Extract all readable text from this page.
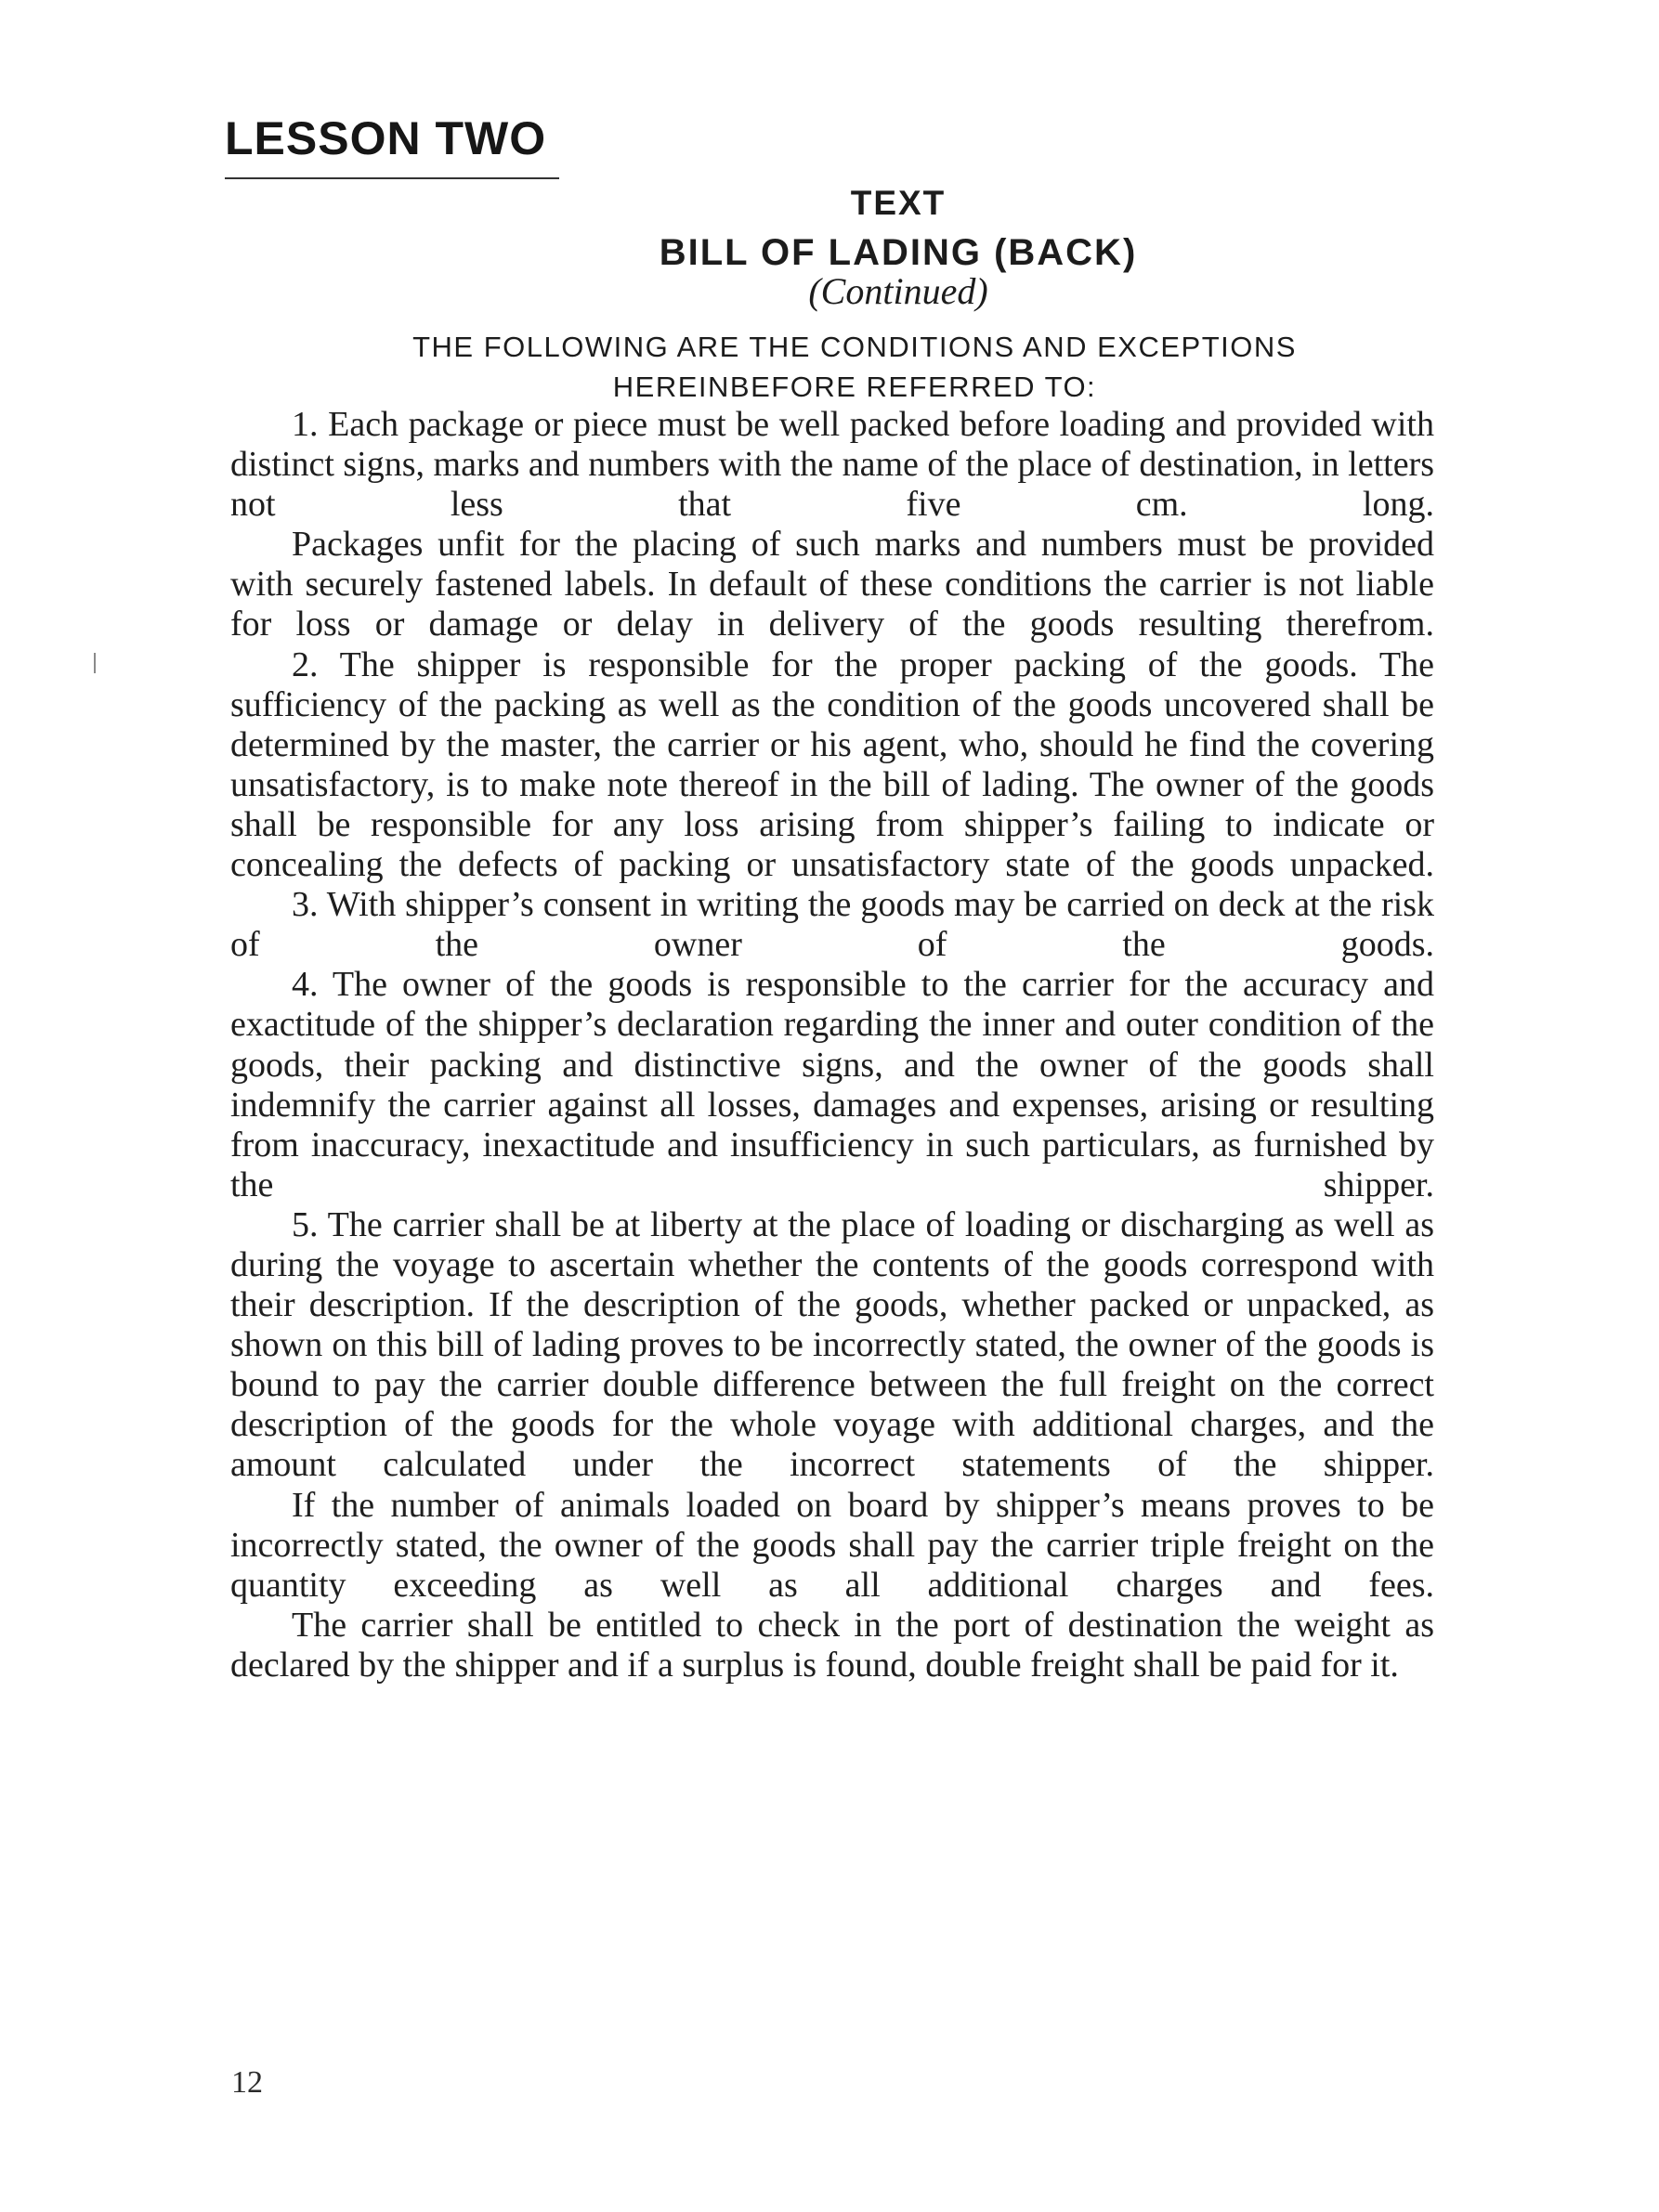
LESSON TWO
TEXT
BILL OF LADING (BACK)
(Continued)
THE FOLLOWING ARE THE CONDITIONS AND EXCEPTIONS
HEREINBEFORE REFERRED TO:

1. Each package or piece must be well packed before loading and provided with distinct signs, marks and numbers with the name of the place of destination, in letters not less that five cm. long.

Packages unfit for the placing of such marks and numbers must be provided with securely fastened labels. In default of these conditions the carrier is not liable for loss or damage or delay in delivery of the goods resulting therefrom.

2. The shipper is responsible for the proper packing of the goods. The sufficiency of the packing as well as the condition of the goods uncovered shall be determined by the master, the carrier or his agent, who, should he find the covering unsatisfactory, is to make note thereof in the bill of lading. The owner of the goods shall be responsible for any loss arising from shipper’s failing to indicate or concealing the defects of packing or unsatisfactory state of the goods unpacked.

3. With shipper’s consent in writing the goods may be carried on deck at the risk of the owner of the goods.

4. The owner of the goods is responsible to the carrier for the accuracy and exactitude of the shipper’s declaration regarding the inner and outer condition of the goods, their packing and distinctive signs, and the owner of the goods shall indemnify the carrier against all losses, damages and expenses, arising or resulting from inaccuracy, inexactitude and insufficiency in such particulars, as furnished by the shipper.

5. The carrier shall be at liberty at the place of loading or discharging as well as during the voyage to ascertain whether the contents of the goods correspond with their description. If the description of the goods, whether packed or unpacked, as shown on this bill of lading proves to be incorrectly stated, the owner of the goods is bound to pay the carrier double difference between the full freight on the correct description of the goods for the whole voyage with additional charges, and the amount calculated under the incorrect statements of the shipper.

If the number of animals loaded on board by shipper’s means proves to be incorrectly stated, the owner of the goods shall pay the carrier triple freight on the quantity exceeding as well as all additional charges and fees.

The carrier shall be entitled to check in the port of destination the weight as declared by the shipper and if a surplus is found, double freight shall be paid for it.

12
